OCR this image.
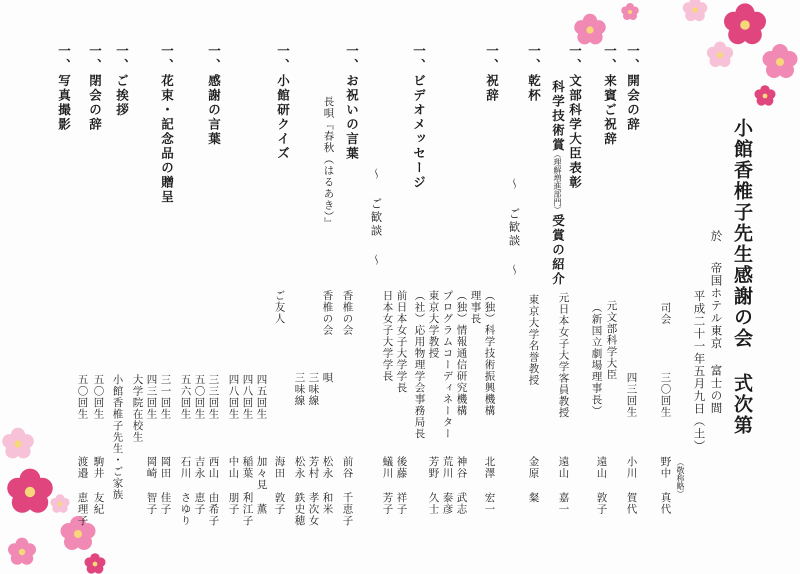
小館香椎子先生感謝の会 式次第
於
帝国ホテル東京 富士の間
平成二十一年五月九日（土）
（敬称略）
司会
三〇回生
野中 真代
一、
開会の辞
四三回生
小川 賀代
一、
来賓ご祝辞
元文部科学大臣
（新国立劇場理事長）
遠山 敦子
一、
文部科学大臣表彰
科学技術賞
（理解増進部門）
受賞の紹介
元日本女子大学客員教授
遠山 嘉一
一、
乾杯
東京大学名誉教授
金原 粲
〜 ご歓談 〜
一、
祝辞
（独）科学技術振興機構
北澤 宏一
理事長
（独）情報通信研究機構
神谷 武志
プログラムコーディネーター
荒川 泰彦
東京大学教授
芳野 久士
（社）応用物理学会事務局長
一、
ビデオメッセージ
前日本女子大学学長
後藤 祥子
日本女子大学学長
蟻川 芳子
〜 ご歓談 〜
一、
お祝いの言葉
香椎の会
前谷 千恵子
香椎の会
松永 和米
芳村 孝次女
松永 鉄史穂
長唄『春秋（はるあき）』
唄
三味線
三味線
一、
小館研クイズ
ご友人
四五回生
海田 敦子
四八回生
加々見 薫
四八回生
稲葉 利江子
中山 朋子
一、
感謝の言葉
三三回生
西山 由希子
五〇回生
吉永 恵子
五六回生
石川 さゆり
一、
花束・記念品の贈呈
三一回生
岡田 佳子
四三回生
岡崎 智子
大学院在校生
一、
ご挨拶
小館香椎子先生・ご家族
五〇回生
駒井 友紀
五〇回生
渡邉 恵理子
一、
閉会の辞
一、
写真撮影
